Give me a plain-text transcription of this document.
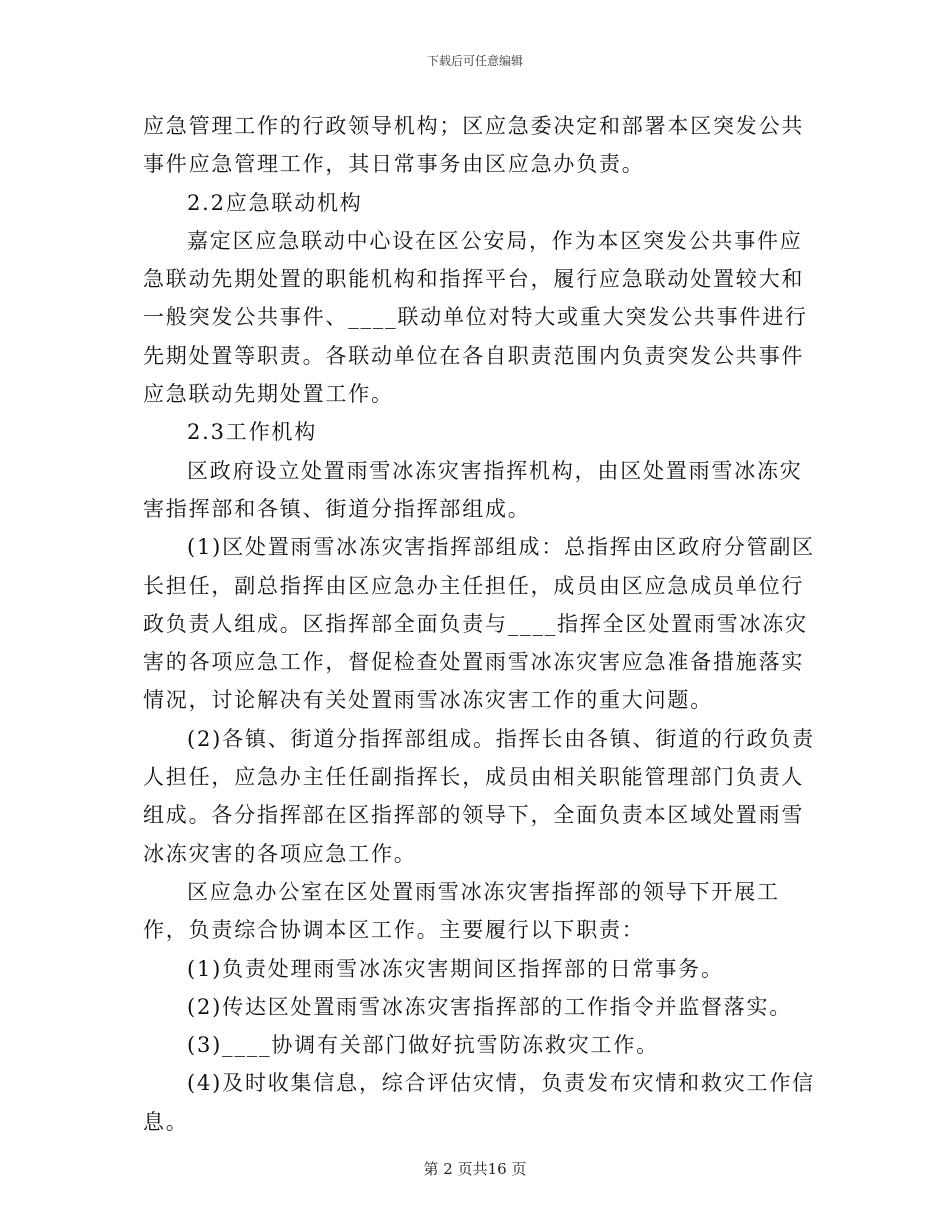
下载后可任意编辑

应急管理工作的行政领导机构；区应急委决定和部署本区突发公共事件应急管理工作，其日常事务由区应急办负责。

2.2应急联动机构

嘉定区应急联动中心设在区公安局，作为本区突发公共事件应急联动先期处置的职能机构和指挥平台，履行应急联动处置较大和一般突发公共事件、____联动单位对特大或重大突发公共事件进行先期处置等职责。各联动单位在各自职责范围内负责突发公共事件应急联动先期处置工作。

2.3工作机构

区政府设立处置雨雪冰冻灾害指挥机构，由区处置雨雪冰冻灾害指挥部和各镇、街道分指挥部组成。

(1)区处置雨雪冰冻灾害指挥部组成：总指挥由区政府分管副区长担任，副总指挥由区应急办主任担任，成员由区应急成员单位行政负责人组成。区指挥部全面负责与____指挥全区处置雨雪冰冻灾害的各项应急工作，督促检查处置雨雪冰冻灾害应急准备措施落实情况，讨论解决有关处置雨雪冰冻灾害工作的重大问题。

(2)各镇、街道分指挥部组成。指挥长由各镇、街道的行政负责人担任，应急办主任任副指挥长，成员由相关职能管理部门负责人组成。各分指挥部在区指挥部的领导下，全面负责本区域处置雨雪冰冻灾害的各项应急工作。

区应急办公室在区处置雨雪冰冻灾害指挥部的领导下开展工作，负责综合协调本区工作。主要履行以下职责：

(1)负责处理雨雪冰冻灾害期间区指挥部的日常事务。

(2)传达区处置雨雪冰冻灾害指挥部的工作指令并监督落实。

(3)____协调有关部门做好抗雪防冻救灾工作。

(4)及时收集信息，综合评估灾情，负责发布灾情和救灾工作信息。

第 2 页共16 页
